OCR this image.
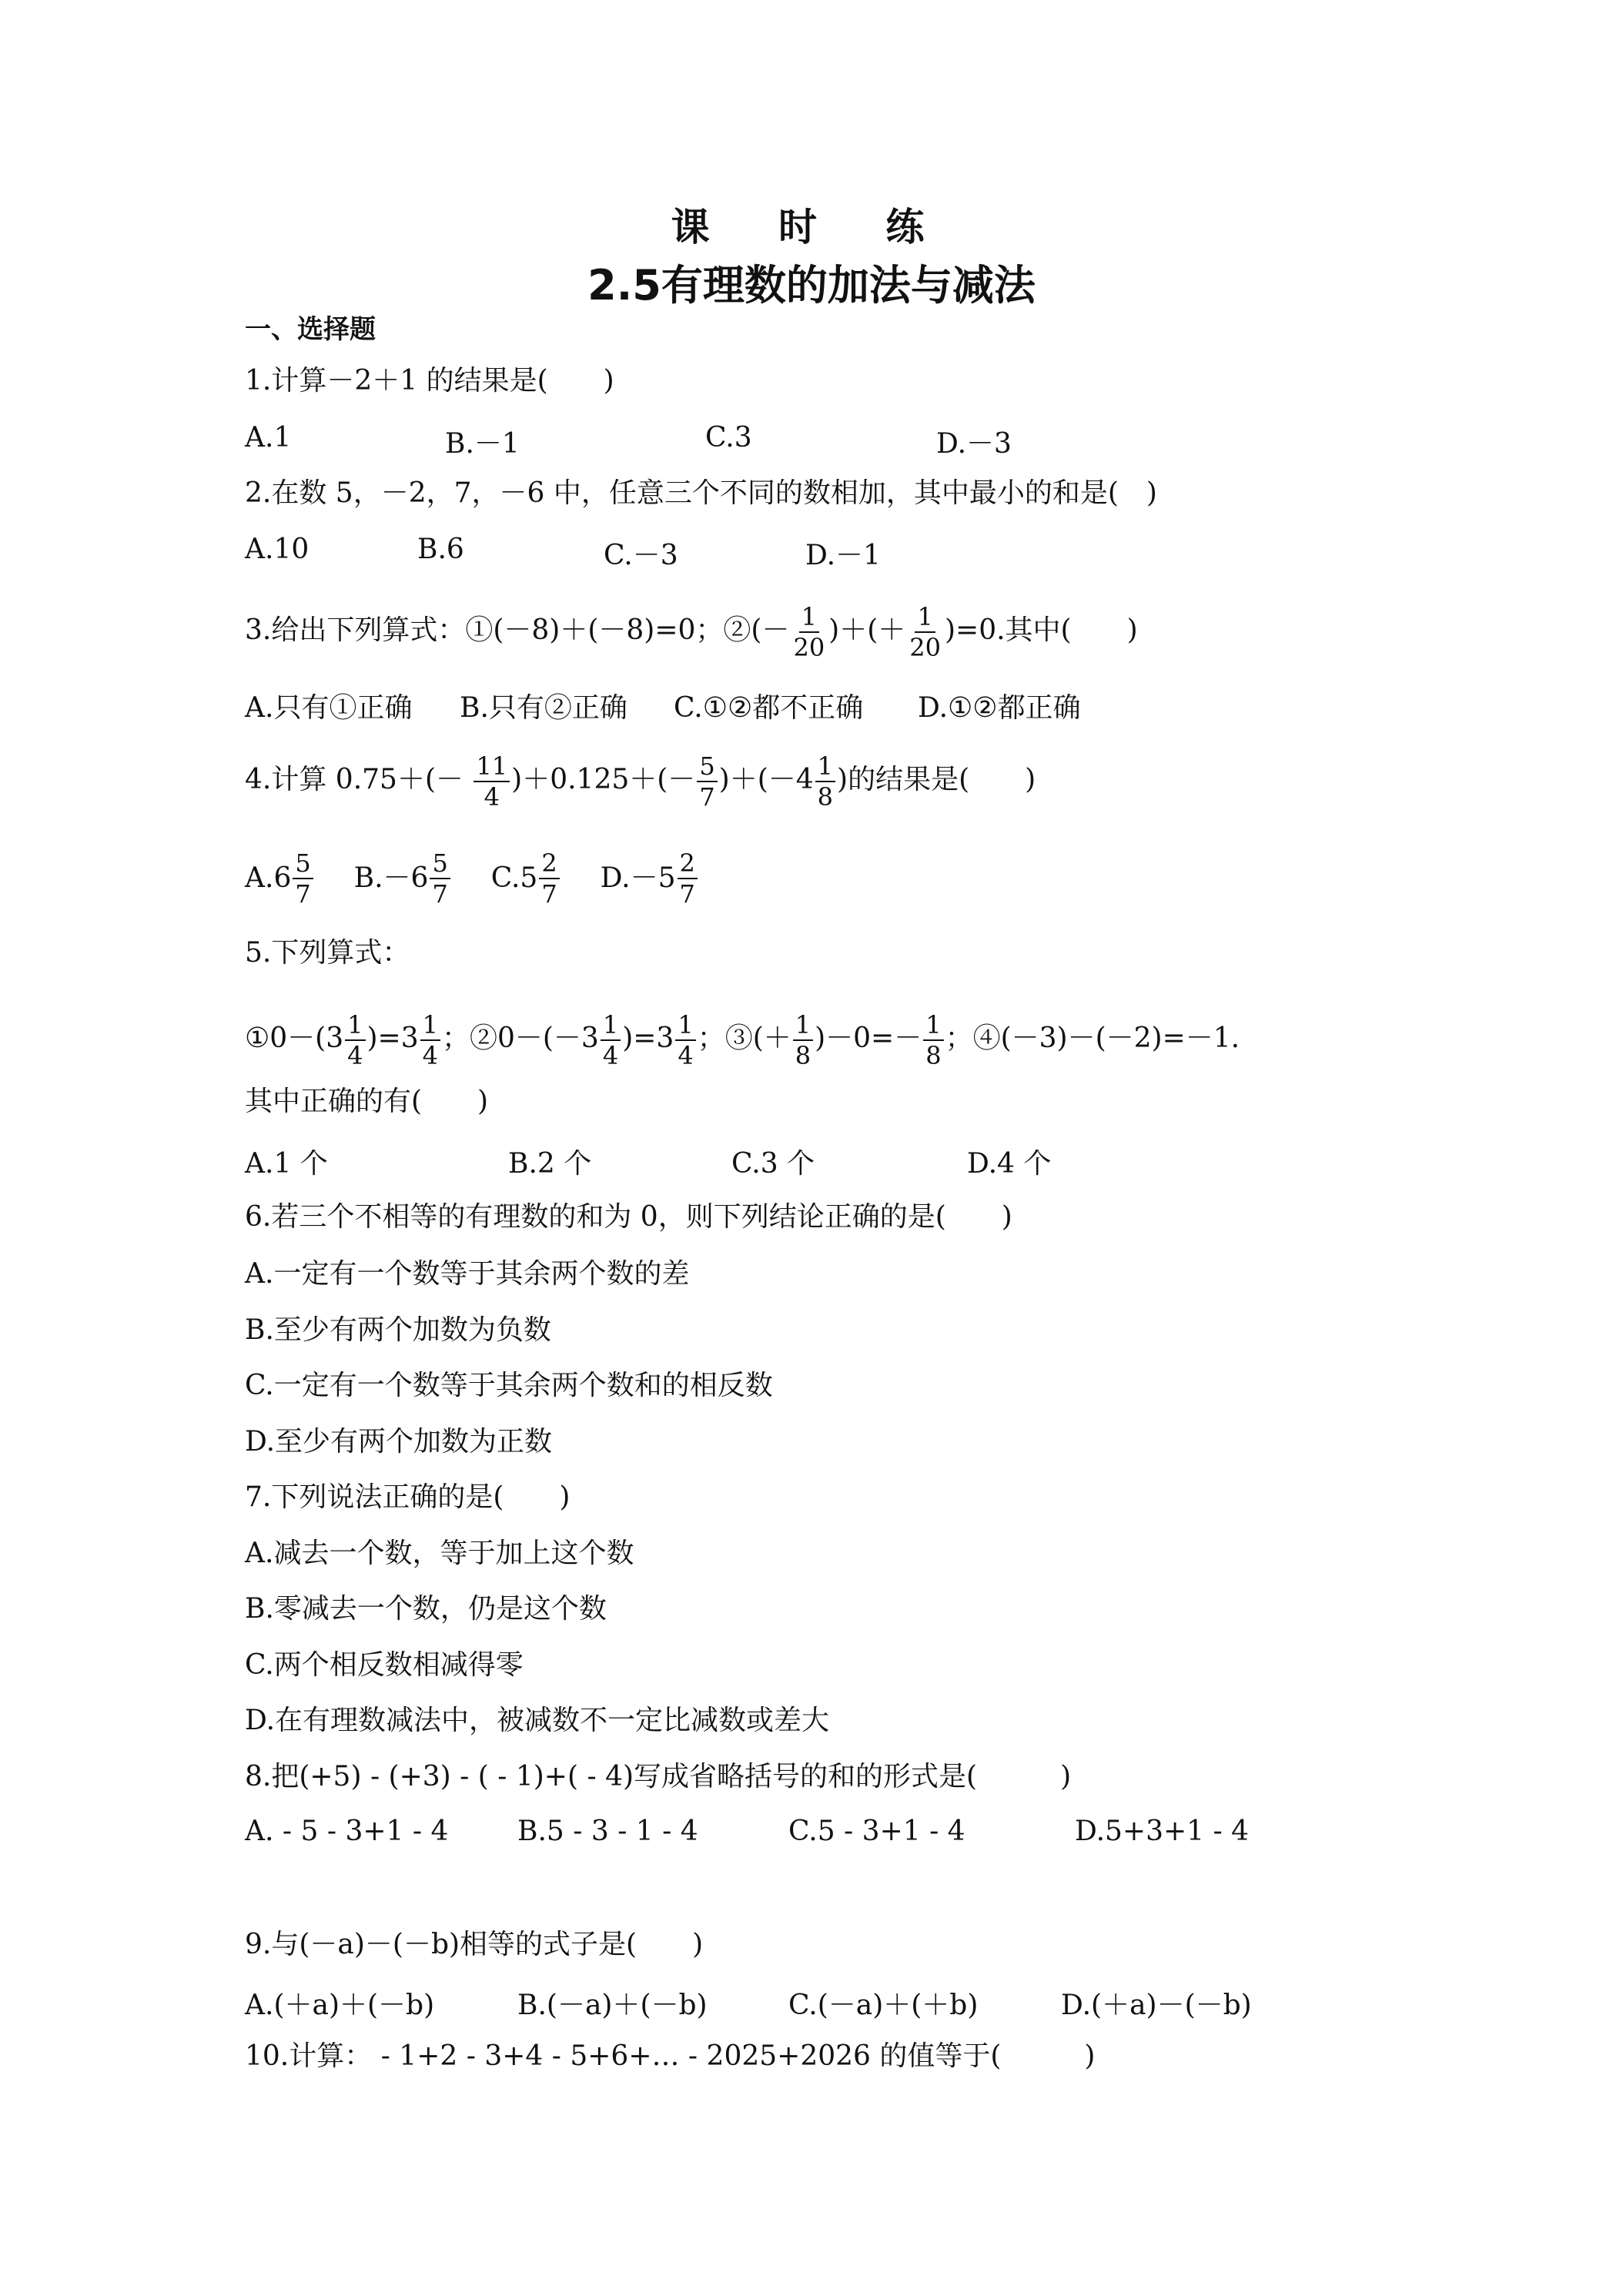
课 时 练
2.5有理数的加法与减法
一、选择题
1.计算－2＋1 的结果是(　　)
A.1	B.－1	C.3	D.－3
2.在数 5，－2，7，－6 中，任意三个不同的数相加，其中最小的和是(　)
A.10	B.6	C.－3	D.－1
3.给出下列算式：①(－8)＋(－8)=0；②(－ $\frac{1}{20}$ )＋(＋ $\frac{1}{20} )=0$.其中(　　)
A.只有①正确 B.只有②正确 C.①②都不正确 D.①②都正确
4.计算 $0.75+(- \frac{11}{4} )+0.125+(- \frac{5}{7} )+(-4 \frac{1}{8}$ )的结果是(　　)
$A.6 \frac{5}{7}$
$B.-6 \frac{5}{7}$
$C.5 \frac{2}{7}$
$D.-5 \frac{2}{7}$
5.下列算式：
①0－(3 $\frac{1}{4} )=3 \frac{1}{4}$ ；②0－(－3 $\frac{1}{4} )=3 \frac{1}{4}$ ；③(＋ $\frac{1}{8} )-0=- \frac{1}{8}$ ；④(－3)－(－2)=－1.
其中正确的有(　　)
A.1 个	B.2 个	C.3 个	D.4 个
6.若三个不相等的有理数的和为 0，则下列结论正确的是(　　)
A.一定有一个数等于其余两个数的差
B.至少有两个加数为负数
C.一定有一个数等于其余两个数和的相反数
D.至少有两个加数为正数
7.下列说法正确的是(　　)
A.减去一个数，等于加上这个数
B.零减去一个数，仍是这个数
C.两个相反数相减得零
D.在有理数减法中，被减数不一定比减数或差大
8.把(+5) - (+3) - ( - 1)+( - 4)写成省略括号的和的形式是(　　　)
A. - 5 - 3+1 - 4 B.5 - 3 - 1 - 4	C.5 - 3+1 - 4	D.5+3+1 - 4
9.与(－a)－(－b)相等的式子是(　　)
A.(＋a)＋(－b)	B.(－a)＋(－b)	C.(－a)＋(＋b)	D.(＋a)－(－b)
10.计算： - 1+2 - 3+4 - 5+6+… - 2025+2026 的值等于(　　　)
